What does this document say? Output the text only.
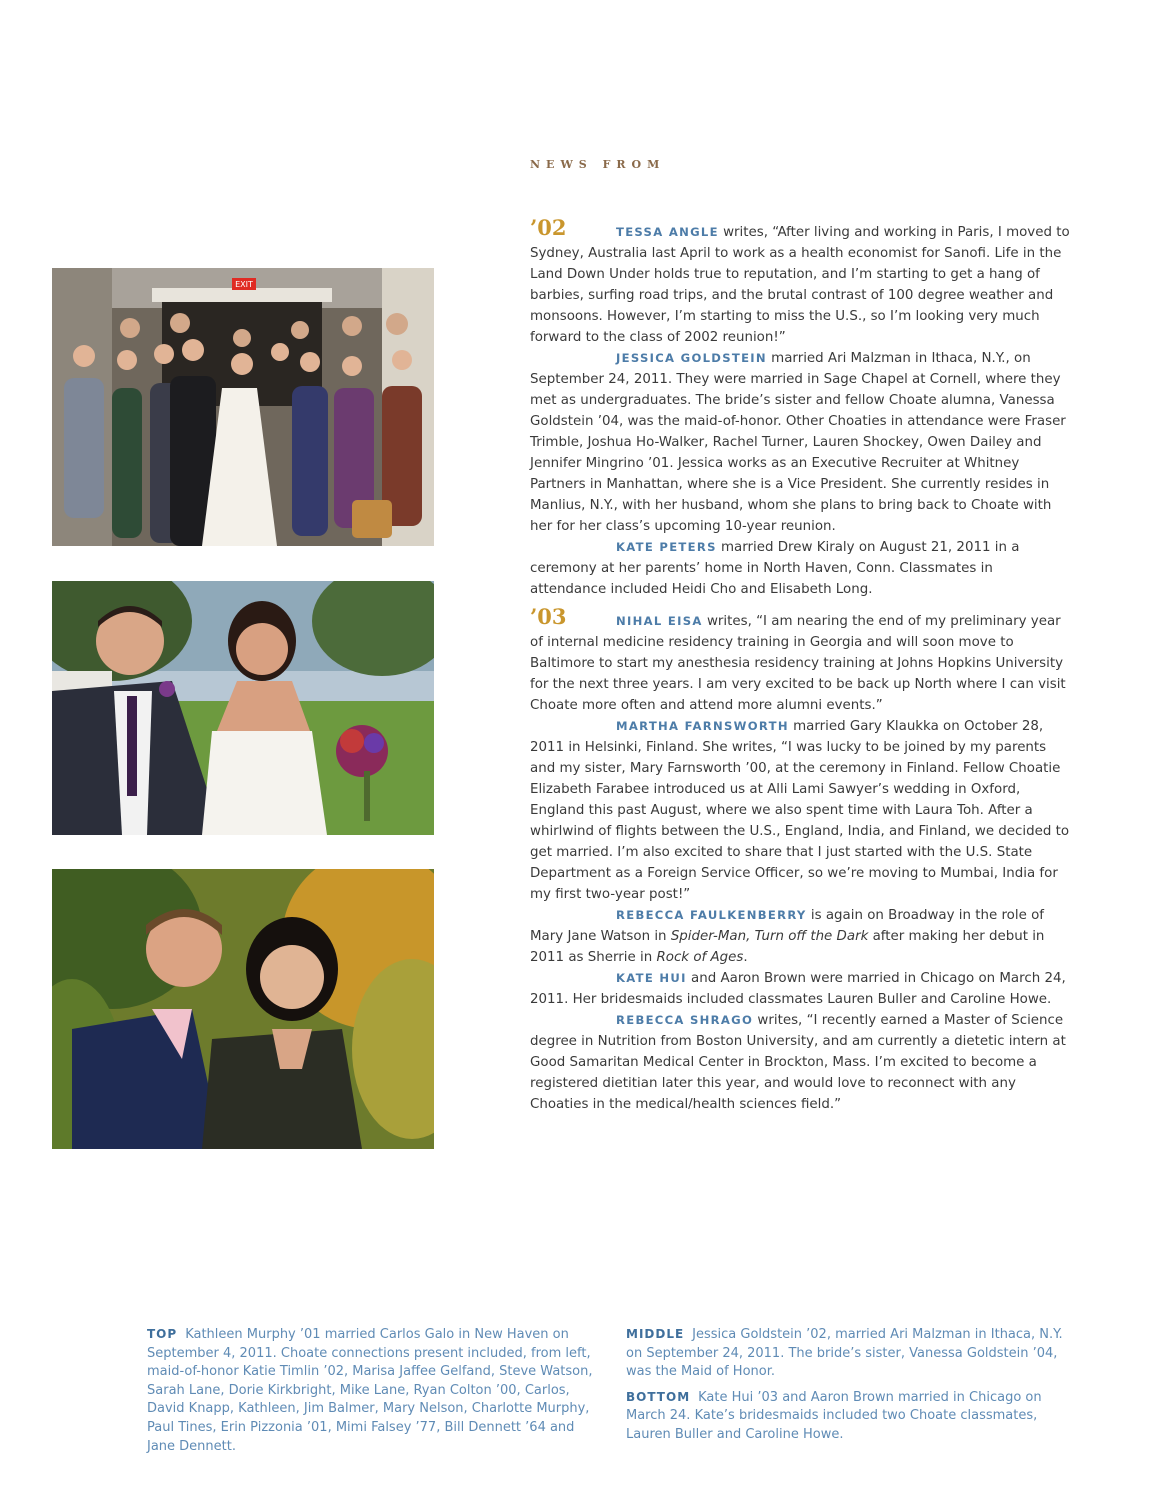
NEWS FROM
EXIT
’02	TESSA ANGLE writes, “After living and working in Paris, I moved to Sydney, Australia last April to work as a health economist for Sanofi. Life in the Land Down Under holds true to reputation, and I’m starting to get a hang of barbies, surfing road trips, and the brutal contrast of 100 degree weather and monsoons. However, I’m starting to miss the U.S., so I’m looking very much forward to the class of 2002 reunion!”

JESSICA GOLDSTEIN married Ari Malzman in Ithaca, N.Y., on September 24, 2011. They were married in Sage Chapel at Cornell, where they met as undergraduates. The bride’s sister and fellow Choate alumna, Vanessa Goldstein ’04, was the maid-of-honor. Other Choaties in attendance were Fraser Trimble, Joshua Ho-Walker, Rachel Turner, Lauren Shockey, Owen Dailey and Jennifer Mingrino ’01. Jessica works as an Executive Recruiter at Whitney Partners in Manhattan, where she is a Vice President. She currently resides in Manlius, N.Y., with her husband, whom she plans to bring back to Choate with her for her class’s upcoming 10-year reunion.

KATE PETERS married Drew Kiraly on August 21, 2011 in a ceremony at her parents’ home in North Haven, Conn. Classmates in attendance included Heidi Cho and Elisabeth Long.

’03	NIHAL EISA writes, “I am nearing the end of my preliminary year of internal medicine residency training in Georgia and will soon move to Baltimore to start my anesthesia residency training at Johns Hopkins University for the next three years. I am very excited to be back up North where I can visit Choate more often and attend more alumni events.”

MARTHA FARNSWORTH married Gary Klaukka on October 28, 2011 in Helsinki, Finland. She writes, “I was lucky to be joined by my parents and my sister, Mary Farnsworth ’00, at the ceremony in Finland. Fellow Choatie Elizabeth Farabee introduced us at Alli Lami Sawyer’s wedding in Oxford, England this past August, where we also spent time with Laura Toh. After a whirlwind of flights between the U.S., England, India, and Finland, we decided to get married. I’m also excited to share that I just started with the U.S. State Department as a Foreign Service Officer, so we’re moving to Mumbai, India for my first two-year post!”

REBECCA FAULKENBERRY is again on Broadway in the role of Mary Jane Watson in Spider-Man, Turn off the Dark after making her debut in 2011 as Sherrie in Rock of Ages.

KATE HUI and Aaron Brown were married in Chicago on March 24, 2011. Her bridesmaids included classmates Lauren Buller and Caroline Howe.

REBECCA SHRAGO writes, “I recently earned a Master of Science degree in Nutrition from Boston University, and am currently a dietetic intern at Good Samaritan Medical Center in Brockton, Mass. I’m excited to become a registered dietitian later this year, and would love to reconnect with any Choaties in the medical/health sciences field.”

TOP Kathleen Murphy ’01 married Carlos Galo in New Haven on September 4, 2011. Choate connections present included, from left, maid-of-honor Katie Timlin ’02, Marisa Jaffee Gelfand, Steve Watson, Sarah Lane, Dorie Kirkbright, Mike Lane, Ryan Colton ’00, Carlos, David Knapp, Kathleen, Jim Balmer, Mary Nelson, Charlotte Murphy, Paul Tines, Erin Pizzonia ’01, Mimi Falsey ’77, Bill Dennett ’64 and Jane Dennett.

MIDDLE Jessica Goldstein ’02, married Ari Malzman in Ithaca, N.Y. on September 24, 2011. The bride’s sister, Vanessa Goldstein ’04, was the Maid of Honor.

BOTTOM Kate Hui ’03 and Aaron Brown married in Chicago on March 24. Kate’s bridesmaids included two Choate classmates, Lauren Buller and Caroline Howe.
